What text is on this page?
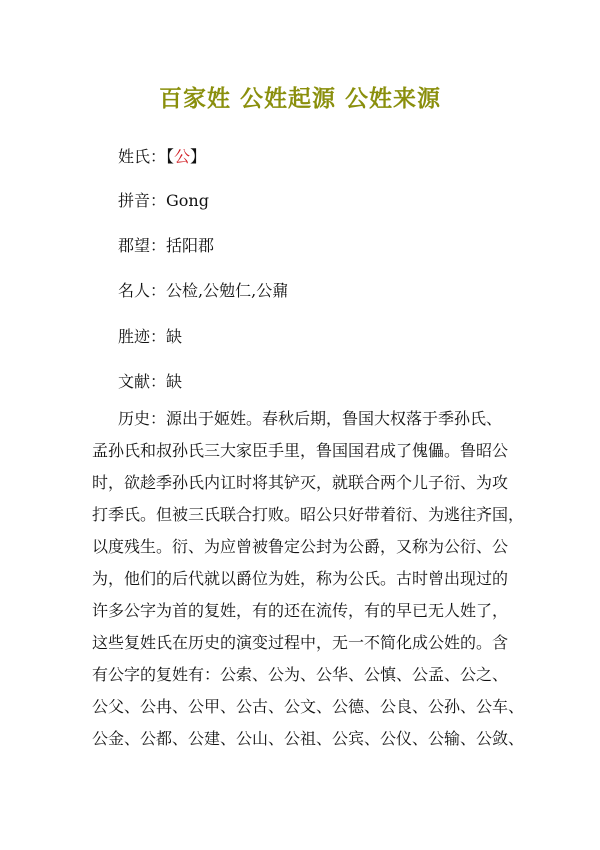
百家姓 公姓起源 公姓来源
姓氏：【公】
拼音：Gong
郡望：括阳郡
名人：公检,公勉仁,公鼐
胜迹：缺
文献：缺
历史：源出于姬姓。春秋后期，鲁国大权落于季孙氏、
孟孙氏和叔孙氏三大家臣手里，鲁国国君成了傀儡。鲁昭公
时，欲趁季孙氏内讧时将其铲灭，就联合两个儿子衍、为攻
打季氏。但被三氏联合打败。昭公只好带着衍、为逃往齐国，
以度残生。衍、为应曾被鲁定公封为公爵，又称为公衍、公
为，他们的后代就以爵位为姓，称为公氏。古时曾出现过的
许多公字为首的复姓，有的还在流传，有的早已无人姓了，
这些复姓氏在历史的演变过程中，无一不简化成公姓的。含
有公字的复姓有：公索、公为、公华、公慎、公孟、公之、
公父、公冉、公甲、公古、公文、公德、公良、公孙、公车、
公金、公都、公建、公山、公祖、公宾、公仪、公输、公敛、
